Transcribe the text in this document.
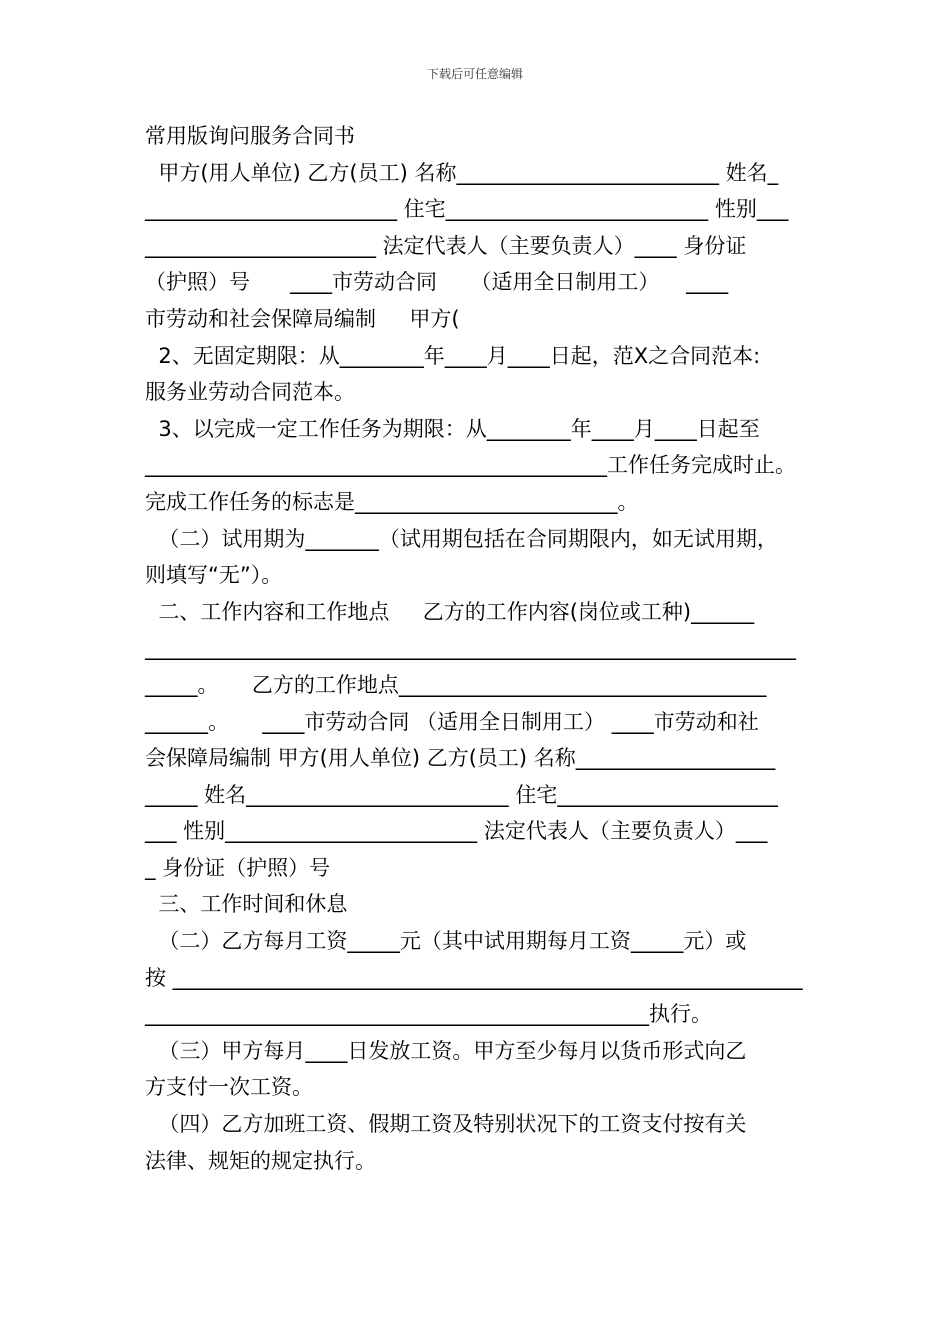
下载后可任意编辑
常用版询问服务合同书
甲方(用人单位) 乙方(员工) 名称_________________________ 姓名_
________________________ 住宅_________________________ 性别___
______________________ 法定代表人（主要负责人）____ 身份证
（护照）号      ____市劳动合同     （适用全日制用工）    ____
市劳动和社会保障局编制     甲方(
2、无固定期限：从________年____月____日起，范X之合同范本:
服务业劳动合同范本。
3、以完成一定工作任务为期限：从________年____月____日起至
____________________________________________工作任务完成时止。
完成工作任务的标志是_________________________。
（二）试用期为_______（试用期包括在合同期限内，如无试用期，
则填写“无”）。
二、工作内容和工作地点     乙方的工作内容(岗位或工种)______
______________________________________________________________
_____。     乙方的工作地点___________________________________
______。     ____市劳动合同 （适用全日制用工） ____市劳动和社
会保障局编制 甲方(用人单位) 乙方(员工) 名称___________________
_____ 姓名_________________________ 住宅_____________________
___ 性别________________________ 法定代表人（主要负责人）___
_ 身份证（护照）号
三、工作时间和休息
（二）乙方每月工资_____元（其中试用期每月工资_____元）或
按 ____________________________________________________________
________________________________________________执行。
（三）甲方每月____日发放工资。甲方至少每月以货币形式向乙
方支付一次工资。
（四）乙方加班工资、假期工资及特别状况下的工资支付按有关
法律、规矩的规定执行。
